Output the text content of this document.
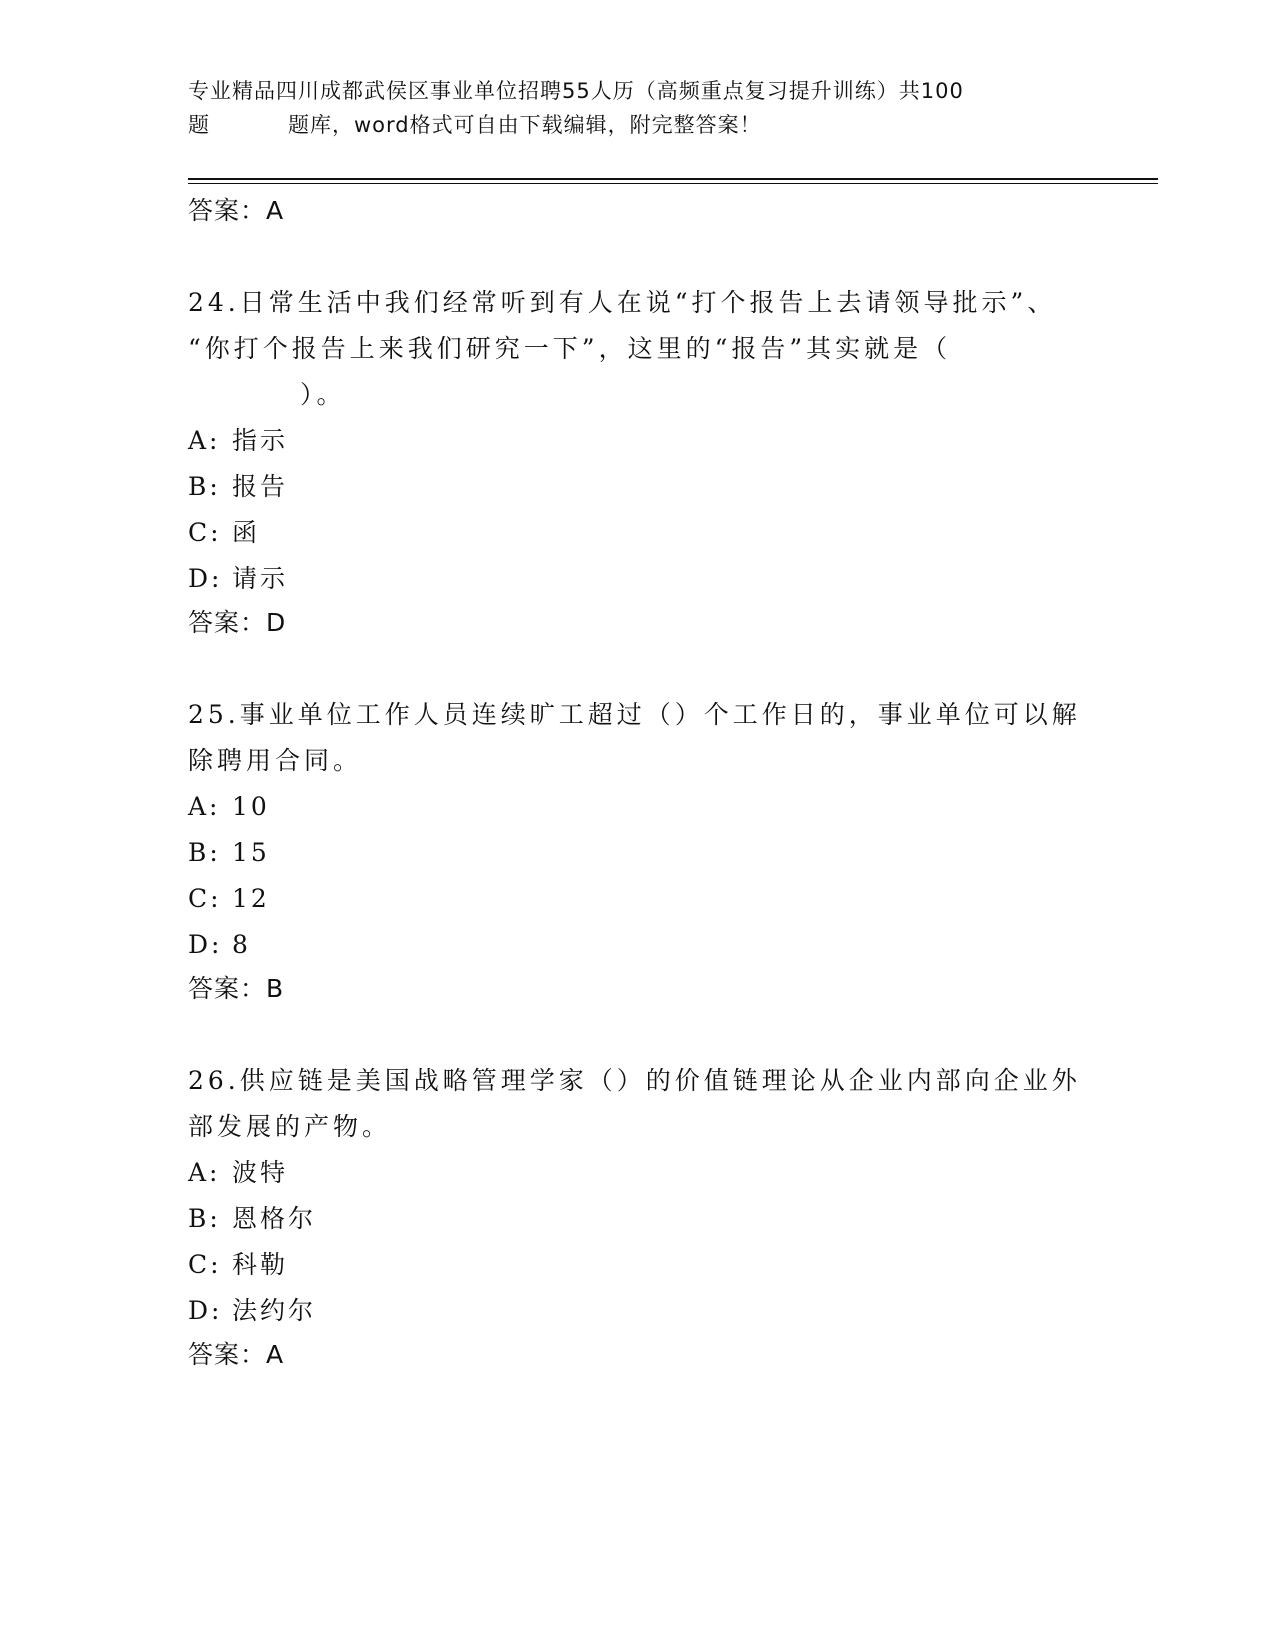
专业精品四川成都武侯区事业单位招聘55人历（高频重点复习提升训练）共100
题	题库，word格式可自由下载编辑，附完整答案！
答案：A

24.日常生活中我们经常听到有人在说“打个报告上去请领导批示”、
“你打个报告上来我们研究一下”，这里的“报告”其实就是（
）。

A: 指示
B: 报告
C: 函
D: 请示
答案：D

25.事业单位工作人员连续旷工超过（）个工作日的，事业单位可以解
除聘用合同。

A: 10
B: 15
C: 12
D: 8
答案：B

26.供应链是美国战略管理学家（）的价值链理论从企业内部向企业外
部发展的产物。

A: 波特
B: 恩格尔
C: 科勒
D: 法约尔
答案：A
